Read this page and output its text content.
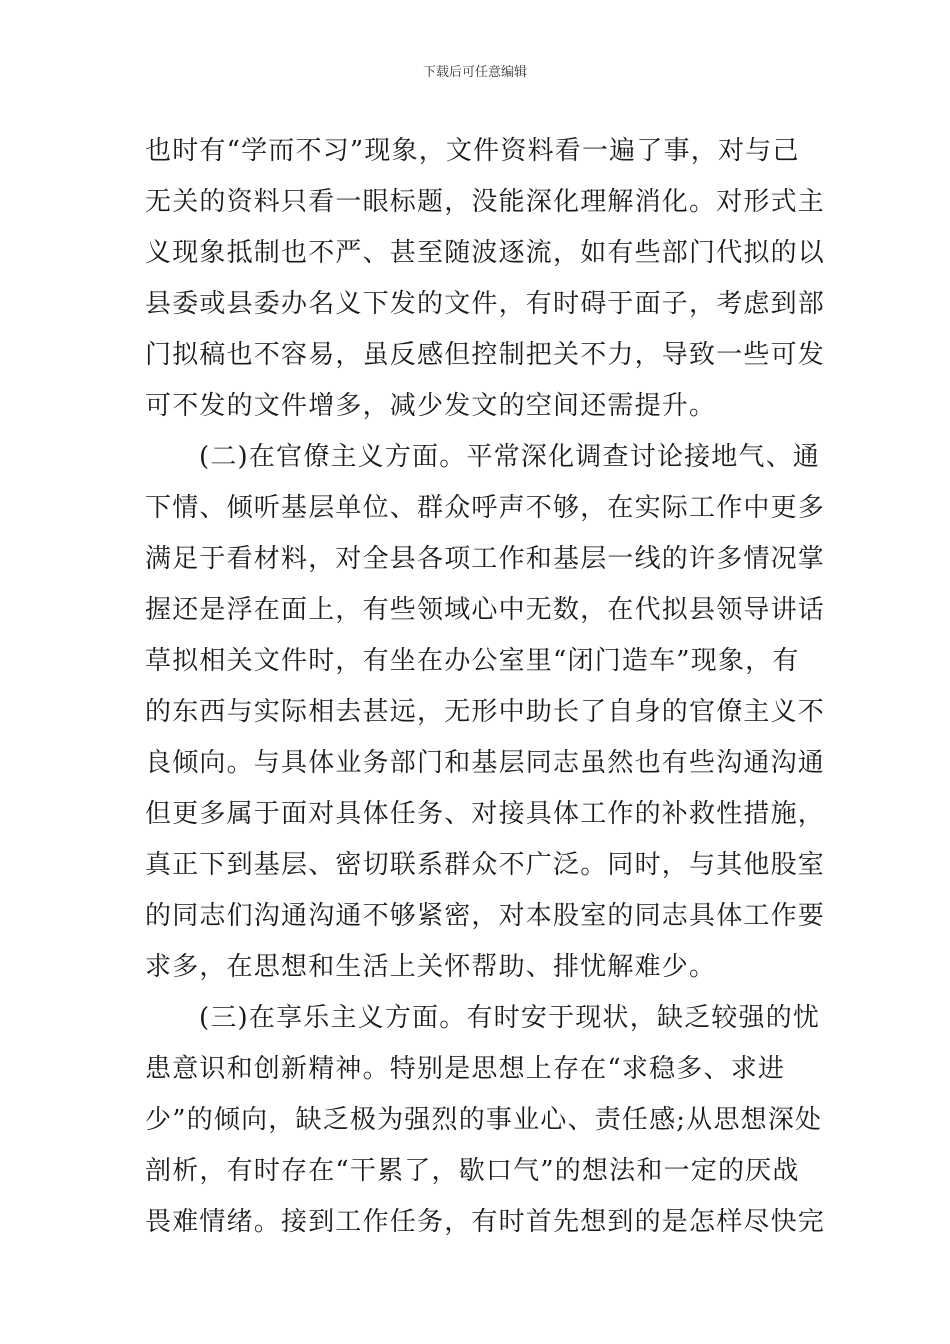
下载后可任意编辑
也时有“学而不习”现象，文件资料看一遍了事，对与己
无关的资料只看一眼标题，没能深化理解消化。对形式主
义现象抵制也不严、甚至随波逐流，如有些部门代拟的以
县委或县委办名义下发的文件，有时碍于面子，考虑到部
门拟稿也不容易，虽反感但控制把关不力，导致一些可发
可不发的文件增多，减少发文的空间还需提升。
(二)在官僚主义方面。平常深化调查讨论接地气、通
下情、倾听基层单位、群众呼声不够，在实际工作中更多
满足于看材料，对全县各项工作和基层一线的许多情况掌
握还是浮在面上，有些领域心中无数，在代拟县领导讲话
草拟相关文件时，有坐在办公室里“闭门造车”现象，有
的东西与实际相去甚远，无形中助长了自身的官僚主义不
良倾向。与具体业务部门和基层同志虽然也有些沟通沟通
但更多属于面对具体任务、对接具体工作的补救性措施，
真正下到基层、密切联系群众不广泛。同时，与其他股室
的同志们沟通沟通不够紧密，对本股室的同志具体工作要
求多，在思想和生活上关怀帮助、排忧解难少。
(三)在享乐主义方面。有时安于现状，缺乏较强的忧
患意识和创新精神。特别是思想上存在“求稳多、求进
少”的倾向，缺乏极为强烈的事业心、责任感;从思想深处
剖析，有时存在“干累了，歇口气”的想法和一定的厌战
畏难情绪。接到工作任务，有时首先想到的是怎样尽快完
